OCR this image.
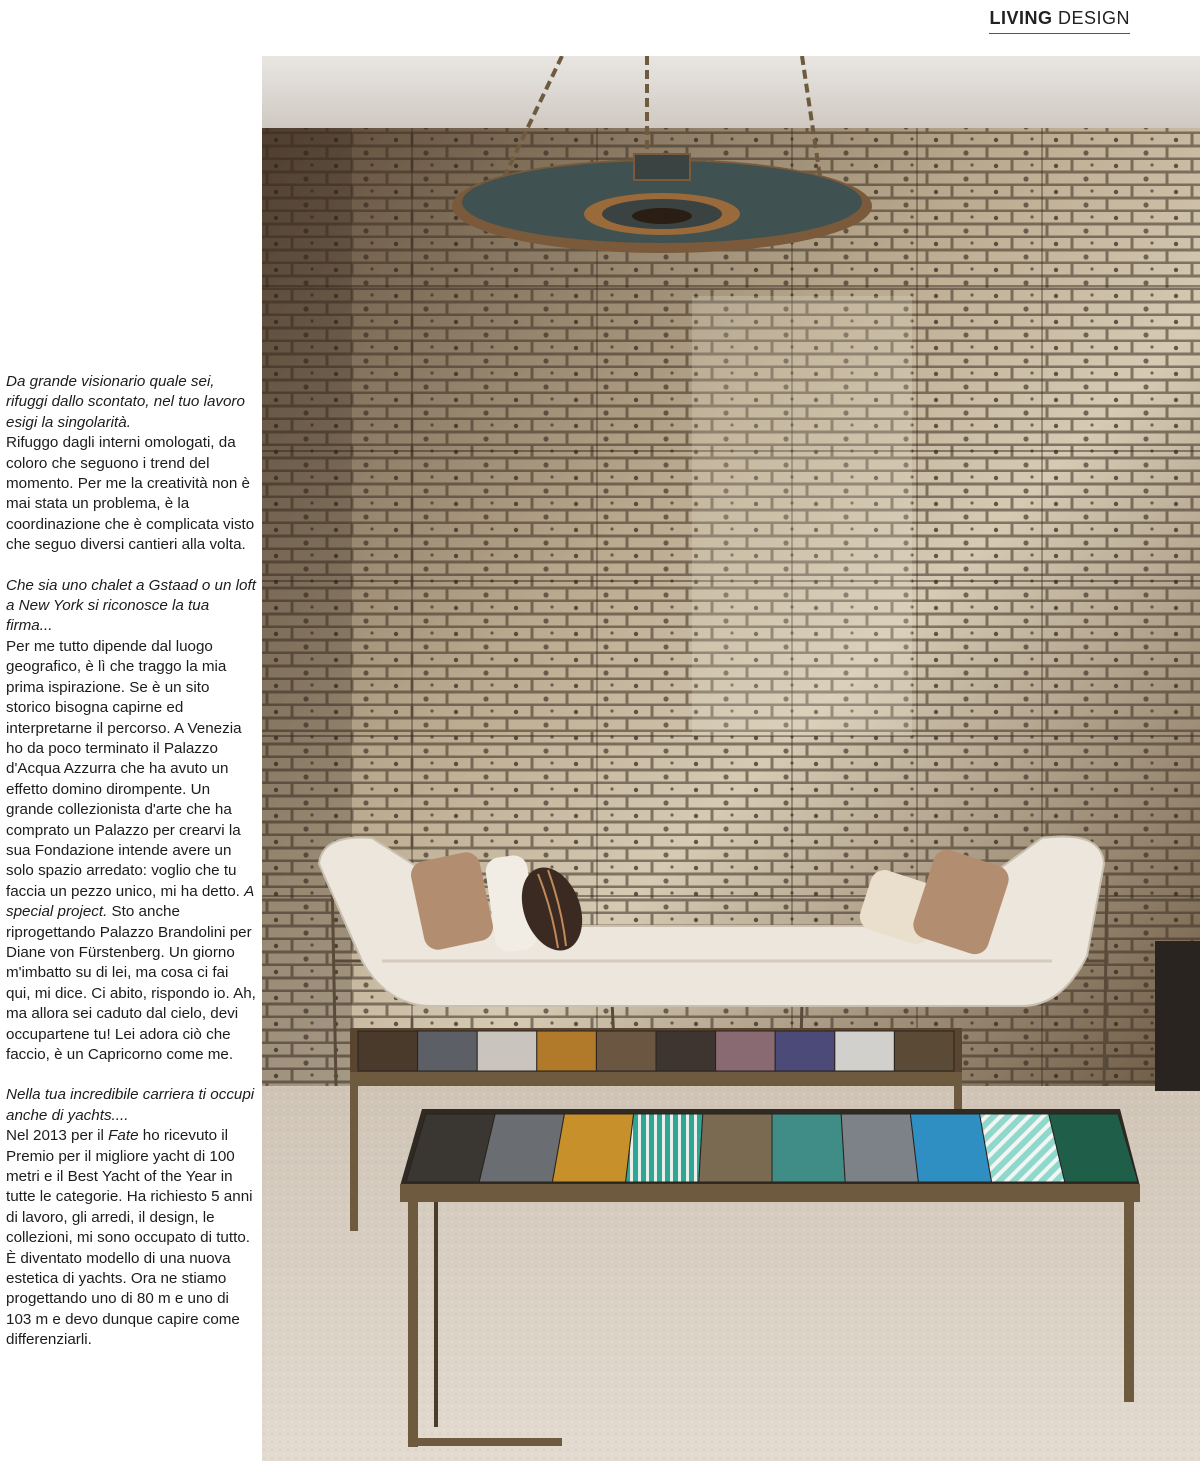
LIVING DESIGN

Da grande visionario quale sei, rifuggi dallo scontato, nel tuo lavoro esigi la singolarità.
Rifuggo dagli interni omologati, da coloro che seguono i trend del momento. Per me la creatività non è mai stata un problema, è la coordinazione che è complicata visto che seguo diversi cantieri alla volta.

Che sia uno chalet a Gstaad o un loft a New York si riconosce la tua firma...
Per me tutto dipende dal luogo geografico, è lì che traggo la mia prima ispirazione. Se è un sito storico bisogna capirne ed interpretarne il percorso. A Venezia ho da poco terminato il Palazzo d'Acqua Azzurra che ha avuto un effetto domino dirompente. Un grande collezionista d'arte che ha comprato un Palazzo per crearvi la sua Fondazione intende avere un solo spazio arredato: voglio che tu faccia un pezzo unico, mi ha detto. A special project. Sto anche riprogettando Palazzo Brandolini per Diane von Fürstenberg. Un giorno m'imbatto su di lei, ma cosa ci fai qui, mi dice. Ci abito, rispondo io. Ah, ma allora sei caduto dal cielo, devi occupartene tu! Lei adora ciò che faccio, è un Capricorno come me.

Nella tua incredibile carriera ti occupi anche di yachts....
Nel 2013 per il Fate ho ricevuto il Premio per il migliore yacht di 100 metri e il Best Yacht of the Year in tutte le categorie. Ha richiesto 5 anni di lavoro, gli arredi, il design, le collezioni, mi sono occupato di tutto. È diventato modello di una nuova estetica di yachts. Ora ne stiamo progettando uno di 80 m e uno di 103 m e devo dunque capire come differenziarli.
